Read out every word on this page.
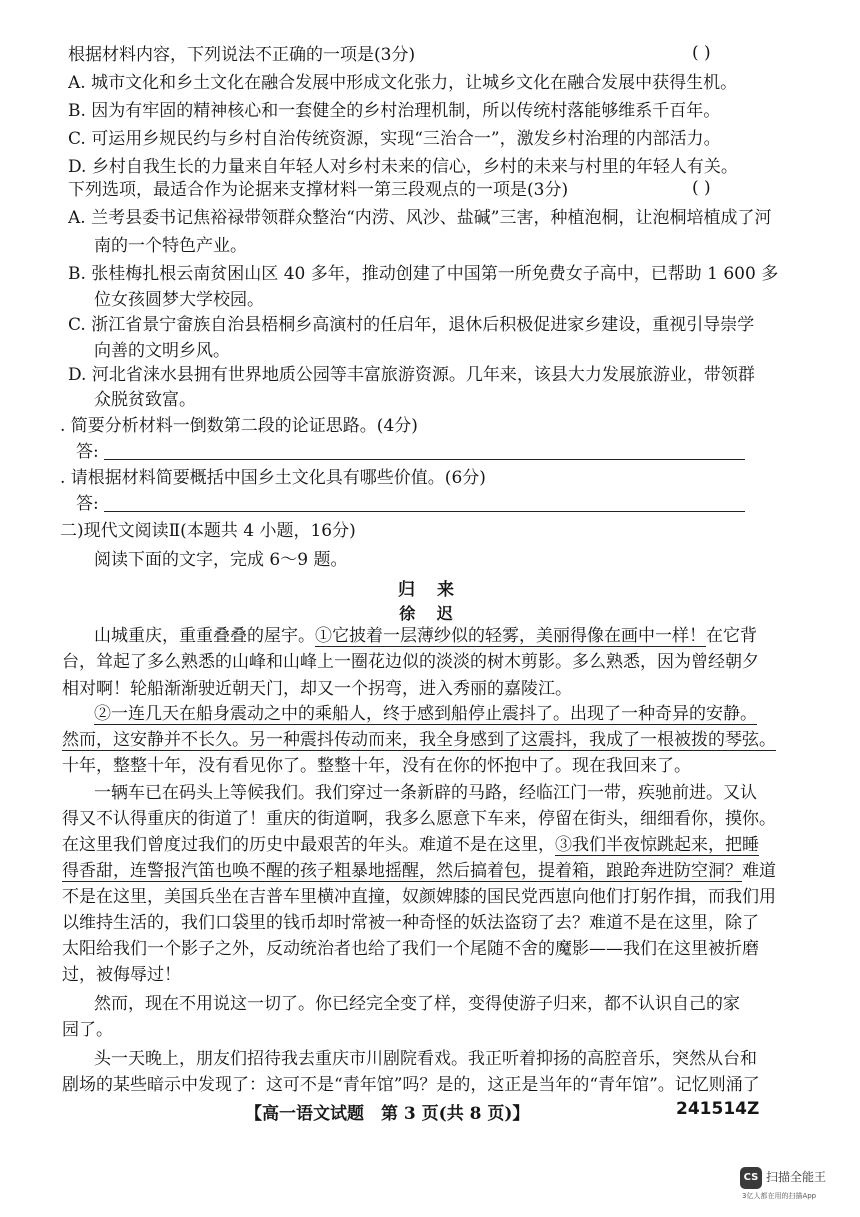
根据材料内容，下列说法不正确的一项是(3分)	( )
A. 城市文化和乡土文化在融合发展中形成文化张力，让城乡文化在融合发展中获得生机。
B. 因为有牢固的精神核心和一套健全的乡村治理机制，所以传统村落能够维系千百年。
C. 可运用乡规民约与乡村自治传统资源，实现“三治合一”，激发乡村治理的内部活力。
D. 乡村自我生长的力量来自年轻人对乡村未来的信心，乡村的未来与村里的年轻人有关。
下列选项，最适合作为论据来支撑材料一第三段观点的一项是(3分)	( )
A. 兰考县委书记焦裕禄带领群众整治“内涝、风沙、盐碱”三害，种植泡桐，让泡桐培植成了河
南的一个特色产业。
B. 张桂梅扎根云南贫困山区 40 多年，推动创建了中国第一所免费女子高中，已帮助 1 600 多
位女孩圆梦大学校园。
C. 浙江省景宁畲族自治县梧桐乡高演村的任启年，退休后积极促进家乡建设，重视引导崇学
向善的文明乡风。
D. 河北省涞水县拥有世界地质公园等丰富旅游资源。几年来，该县大力发展旅游业，带领群
众脱贫致富。
. 简要分析材料一倒数第二段的论证思路。(4分)
答:
. 请根据材料简要概括中国乡土文化具有哪些价值。(6分)
答:
二)现代文阅读Ⅱ(本题共 4 小题，16分)
阅读下面的文字，完成 6～9 题。
归 来
徐 迟
山城重庆，重重叠叠的屋宇。①它披着一层薄纱似的轻雾，美丽得像在画中一样！在它背
台，耸起了多么熟悉的山峰和山峰上一圈花边似的淡淡的树木剪影。多么熟悉，因为曾经朝夕
相对啊！轮船渐渐驶近朝天门，却又一个拐弯，进入秀丽的嘉陵江。
②一连几天在船身震动之中的乘船人，终于感到船停止震抖了。出现了一种奇异的安静。
然而，这安静并不长久。另一种震抖传动而来，我全身感到了这震抖，我成了一根被拨的琴弦。
十年，整整十年，没有看见你了。整整十年，没有在你的怀抱中了。现在我回来了。
一辆车已在码头上等候我们。我们穿过一条新辟的马路，经临江门一带，疾驰前进。又认
得又不认得重庆的街道了！重庆的街道啊，我多么愿意下车来，停留在街头，细细看你，摸你。
在这里我们曾度过我们的历史中最艰苦的年头。难道不是在这里，③我们半夜惊跳起来，把睡
得香甜，连警报汽笛也唤不醒的孩子粗暴地摇醒，然后搞着包，提着箱，踉跄奔进防空洞？难道
不是在这里，美国兵坐在吉普车里横冲直撞，奴颜婢膝的国民党西崽向他们打躬作揖，而我们用
以维持生活的，我们口袋里的钱币却时常被一种奇怪的妖法盗窃了去？难道不是在这里，除了
太阳给我们一个影子之外，反动统治者也给了我们一个尾随不舍的魔影——我们在这里被折磨
过，被侮辱过！
然而，现在不用说这一切了。你已经完全变了样，变得使游子归来，都不认识自己的家
园了。
头一天晚上，朋友们招待我去重庆市川剧院看戏。我正听着抑扬的高腔音乐，突然从台和
剧场的某些暗示中发现了：这可不是“青年馆”吗？是的，这正是当年的“青年馆”。记忆则涌了
【高一语文试题　第 3 页(共 8 页)】	241514Z
CS 扫描全能王
3亿人都在用的扫描App
